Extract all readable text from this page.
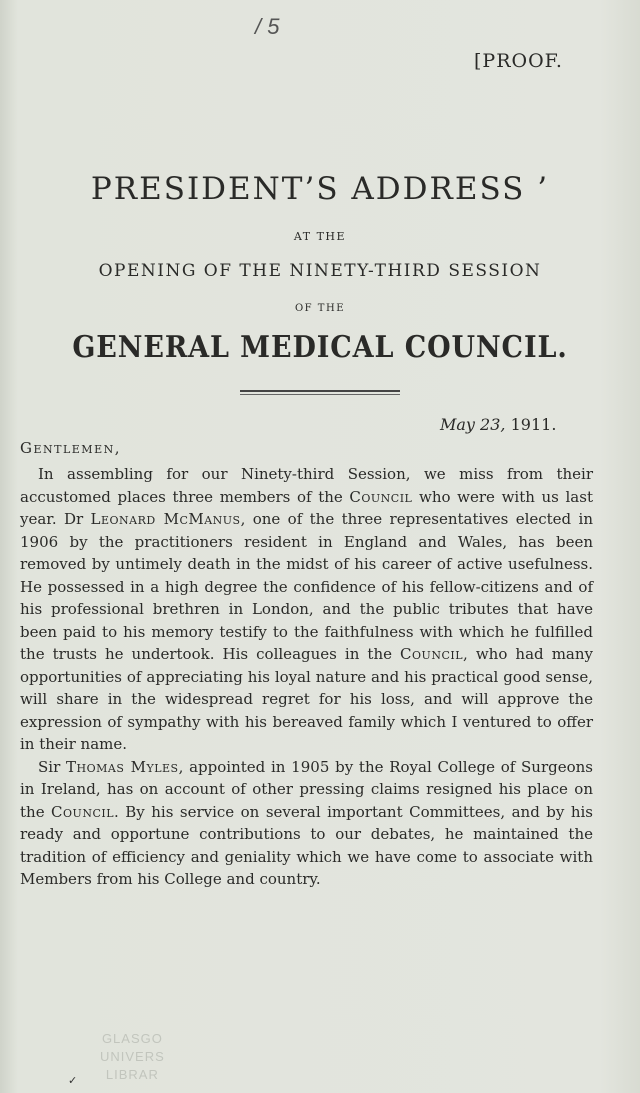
/ 5
[PROOF.
PRESIDENT’S ADDRESS ’
AT THE
OPENING OF THE NINETY-THIRD SESSION
OF THE
GENERAL MEDICAL COUNCIL.
May 23, 1911.
Gentlemen,

In assembling for our Ninety-third Session, we miss from their accustomed places three members of the Council who were with us last year. Dr Leonard McManus, one of the three representatives elected in 1906 by the practitioners resident in England and Wales, has been removed by untimely death in the midst of his career of active usefulness. He possessed in a high degree the confidence of his fellow-citizens and of his professional brethren in London, and the public tributes that have been paid to his memory testify to the faithfulness with which he fulfilled the trusts he undertook. His colleagues in the Council, who had many opportunities of appreciating his loyal nature and his practical good sense, will share in the widespread regret for his loss, and will approve the expression of sympathy with his bereaved family which I ventured to offer in their name.

Sir Thomas Myles, appointed in 1905 by the Royal College of Surgeons in Ireland, has on account of other pressing claims resigned his place on the Council. By his service on several important Committees, and by his ready and opportune contributions to our debates, he maintained the tradition of efficiency and geniality which we have come to associate with Members from his College and country.

GLASGO
UNIVERS
LIBRAR
✓
